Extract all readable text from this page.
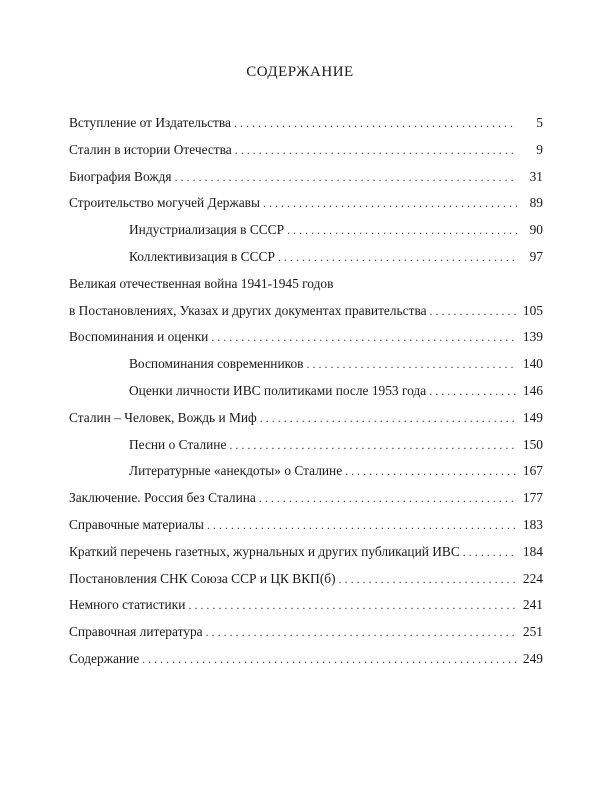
СОДЕРЖАНИЕ
Вступление от Издательства . . .	5
Сталин в истории Отечества . . .	9
Биография Вождя . . .	31
Строительство могучей Державы . . .	89
Индустриализация в СССР . . .	90
Коллективизация в СССР . . .	97
Великая отечественная война 1941-1945 годов
в Постановлениях, Указах и других документах правительства . . .	105
Воспоминания и оценки . . .	139
Воспоминания современников . . .	140
Оценки личности ИВС политиками после 1953 года . . .	146
Сталин – Человек, Вождь и Миф . . .	149
Песни о Сталине . . .	150
Литературные «анекдоты» о Сталине . . .	167
Заключение. Россия без Сталина . . .	177
Справочные материалы . . .	183
Краткий перечень газетных, журнальных и других публикаций ИВС . . .	184
Постановления СНК Союза ССР и ЦК ВКП(б) . . .	224
Немного статистики . . .	241
Справочная литература . . .	251
Содержание . . .	249
